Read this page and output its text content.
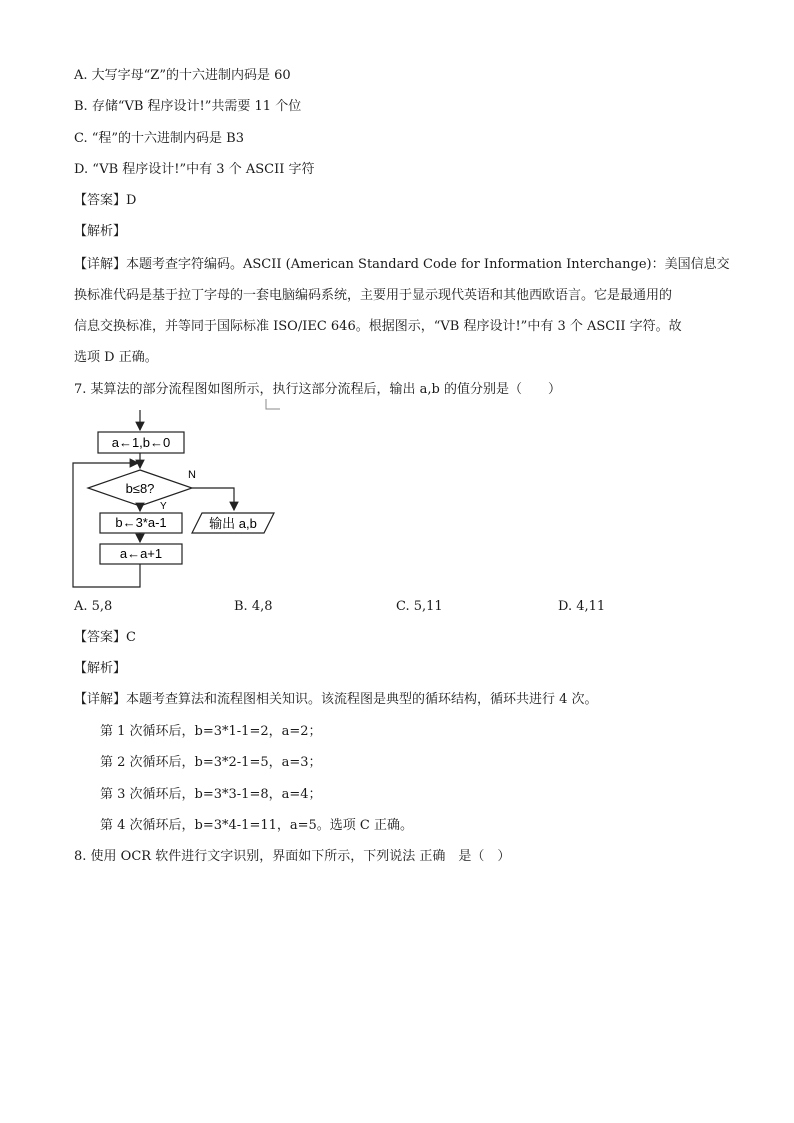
A. 大写字母“Z”的十六进制内码是 60
B. 存储“VB 程序设计!”共需要 11 个位
C. “程”的十六进制内码是 B3
D. “VB 程序设计!”中有 3 个 ASCII 字符
【答案】D
【解析】
【详解】本题考查字符编码。ASCII (American Standard Code for Information Interchange)：美国信息交
换标准代码是基于拉丁字母的一套电脑编码系统，主要用于显示现代英语和其他西欧语言。它是最通用的
信息交换标准，并等同于国际标准 ISO/IEC 646。根据图示，“VB 程序设计!”中有 3 个 ASCII 字符。故
选项 D 正确。
7. 某算法的部分流程图如图所示，执行这部分流程后，输出 a,b 的值分别是（　　）
a←1,b←0
b≤8?
N
输出 a,b
Y
b←3*a-1
a←a+1
A. 5,8	B. 4,8	C. 5,11	D. 4,11
【答案】C
【解析】
【详解】本题考查算法和流程图相关知识。该流程图是典型的循环结构，循环共进行 4 次。
第 1 次循环后，b=3*1-1=2，a=2；
第 2 次循环后，b=3*2-1=5，a=3；
第 3 次循环后，b=3*3-1=8，a=4；
第 4 次循环后，b=3*4-1=11，a=5。选项 C 正确。
8. 使用 OCR 软件进行文字识别，界面如下所示，下列说法 正确　是（　）
